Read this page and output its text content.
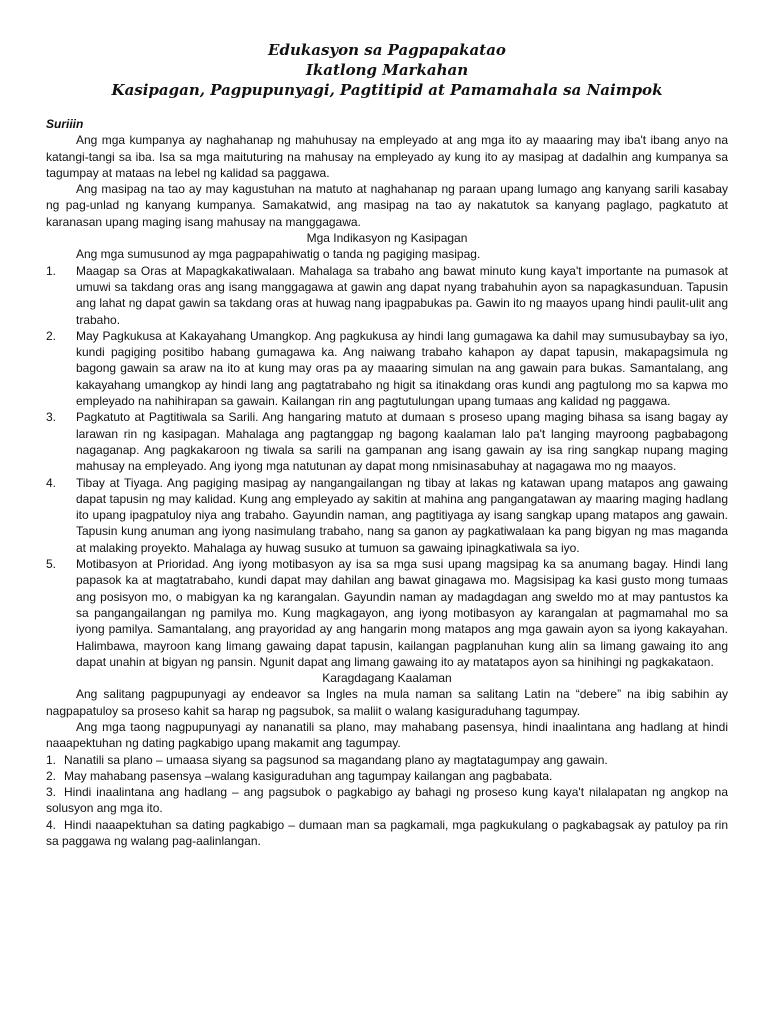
Edukasyon sa Pagpapakatao
Ikatlong Markahan
Kasipagan, Pagpupunyagi, Pagtitipid at Pamamahala sa Naimpok

Suriiin

Ang mga kumpanya ay naghahanap ng mahuhusay na empleyado at ang mga ito ay maaaring may iba't ibang anyo na katangi-tangi sa iba. Isa sa mga maituturing na mahusay na empleyado ay kung ito ay masipag at dadalhin ang kumpanya sa tagumpay at mataas na lebel ng kalidad sa paggawa.

Ang masipag na tao ay may kagustuhan na matuto at naghahanap ng paraan upang lumago ang kanyang sarili kasabay ng pag-unlad ng kanyang kumpanya. Samakatwid, ang masipag na tao ay nakatutok sa kanyang paglago, pagkatuto at karanasan upang maging isang mahusay na manggagawa.

Mga Indikasyon ng Kasipagan

Ang mga sumusunod ay mga pagpapahiwatig o tanda ng pagiging masipag.

1. Maagap sa Oras at Mapagkakatiwalaan. Mahalaga sa trabaho ang bawat minuto kung kaya't importante na pumasok at umuwi sa takdang oras ang isang manggagawa at gawin ang dapat nyang trabahuhin ayon sa napagkasunduan. Tapusin ang lahat ng dapat gawin sa takdang oras at huwag nang ipagpabukas pa. Gawin ito ng maayos upang hindi paulit-ulit ang trabaho.
2. May Pagkukusa at Kakayahang Umangkop. Ang pagkukusa ay hindi lang gumagawa ka dahil may sumusubaybay sa iyo, kundi pagiging positibo habang gumagawa ka. Ang naiwang trabaho kahapon ay dapat tapusin, makapagsimula ng bagong gawain sa araw na ito at kung may oras pa ay maaaring simulan na ang gawain para bukas. Samantalang, ang kakayahang umangkop ay hindi lang ang pagtatrabaho ng higit sa itinakdang oras kundi ang pagtulong mo sa kapwa mo empleyado na nahihirapan sa gawain. Kailangan rin ang pagtutulungan upang tumaas ang kalidad ng paggawa.
3. Pagkatuto at Pagtitiwala sa Sarili. Ang hangaring matuto at dumaan s proseso upang maging bihasa sa isang bagay ay larawan rin ng kasipagan. Mahalaga ang pagtanggap ng bagong kaalaman lalo pa't langing mayroong pagbabagong nagaganap. Ang pagkakaroon ng tiwala sa sarili na gampanan ang isang gawain ay isa ring sangkap nupang maging mahusay na empleyado. Ang iyong mga natutunan ay dapat mong nmisinasabuhay at nagagawa mo ng maayos.
4. Tibay at Tiyaga. Ang pagiging masipag ay nangangailangan ng tibay at lakas ng katawan upang matapos ang gawaing dapat tapusin ng may kalidad. Kung ang empleyado ay sakitin at mahina ang pangangatawan ay maaring maging hadlang ito upang ipagpatuloy niya ang trabaho. Gayundin naman, ang pagtitiyaga ay isang sangkap upang matapos ang gawain. Tapusin kung anuman ang iyong nasimulang trabaho, nang sa ganon ay pagkatiwalaan ka pang bigyan ng mas maganda at malaking proyekto. Mahalaga ay huwag susuko at tumuon sa gawaing ipinagkatiwala sa iyo.
5. Motibasyon at Prioridad. Ang iyong motibasyon ay isa sa mga susi upang magsipag ka sa anumang bagay. Hindi lang papasok ka at magtatrabaho, kundi dapat may dahilan ang bawat ginagawa mo. Magsisipag ka kasi gusto mong tumaas ang posisyon mo, o mabigyan ka ng karangalan. Gayundin naman ay madagdagan ang sweldo mo at may pantustos ka sa pangangailangan ng pamilya mo. Kung magkagayon, ang iyong motibasyon ay karangalan at pagmamahal mo sa iyong pamilya. Samantalang, ang prayoridad ay ang hangarin mong matapos ang mga gawain ayon sa iyong kakayahan. Halimbawa, mayroon kang limang gawaing dapat tapusin, kailangan pagplanuhan kung alin sa limang gawaing ito ang dapat unahin at bigyan ng pansin. Ngunit dapat ang limang gawaing ito ay matatapos ayon sa hinihingi ng pagkakataon.

Karagdagang Kaalaman

Ang salitang pagpupunyagi ay endeavor sa Ingles na mula naman sa salitang Latin na “debere” na ibig sabihin ay nagpapatuloy sa proseso kahit sa harap ng pagsubok, sa maliit o walang kasiguraduhang tagumpay.

Ang mga taong nagpupunyagi ay nananatili sa plano, may mahabang pasensya, hindi inaalintana ang hadlang at hindi naaapektuhan ng dating pagkabigo upang makamit ang tagumpay.

1. Nanatili sa plano – umaasa siyang sa pagsunod sa magandang plano ay magtatagumpay ang gawain.
2. May mahabang pasensya –walang kasiguraduhan ang tagumpay kailangan ang pagbabata.
3. Hindi inaalintana ang hadlang – ang pagsubok o pagkabigo ay bahagi ng proseso kung kaya't nilalapatan ng angkop na solusyon ang mga ito.
4. Hindi naaapektuhan sa dating pagkabigo – dumaan man sa pagkamali, mga pagkukulang o pagkabagsak ay patuloy pa rin sa paggawa ng walang pag-aalinlangan.
